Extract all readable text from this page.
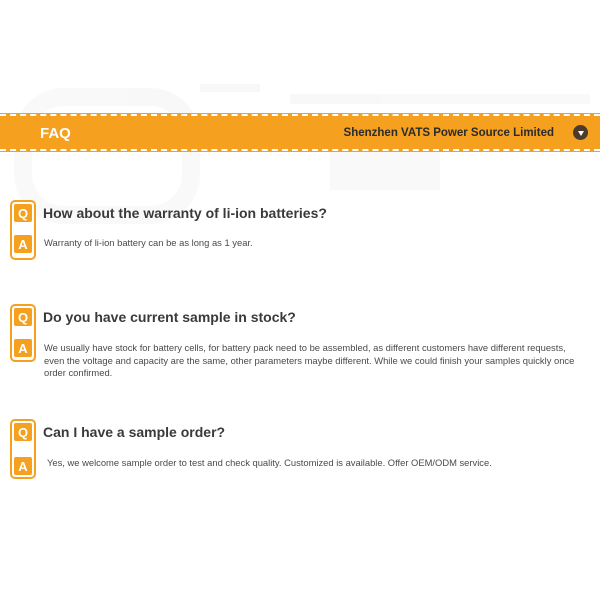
FAQ	Shenzhen VATS Power Source Limited
Q
A
How about the warranty of li-ion batteries?
Warranty of li-ion battery can be as long as 1 year.
Q
A
Do you have current sample in stock?
We usually have stock for battery cells, for battery pack need to be assembled, as different customers have different requests, even the voltage and capacity are the same, other parameters maybe different. While we could finish your samples quickly once order confirmed.
Q
A
Can I have a sample order?
Yes, we welcome sample order to test and check quality. Customized is available. Offer OEM/ODM service.
